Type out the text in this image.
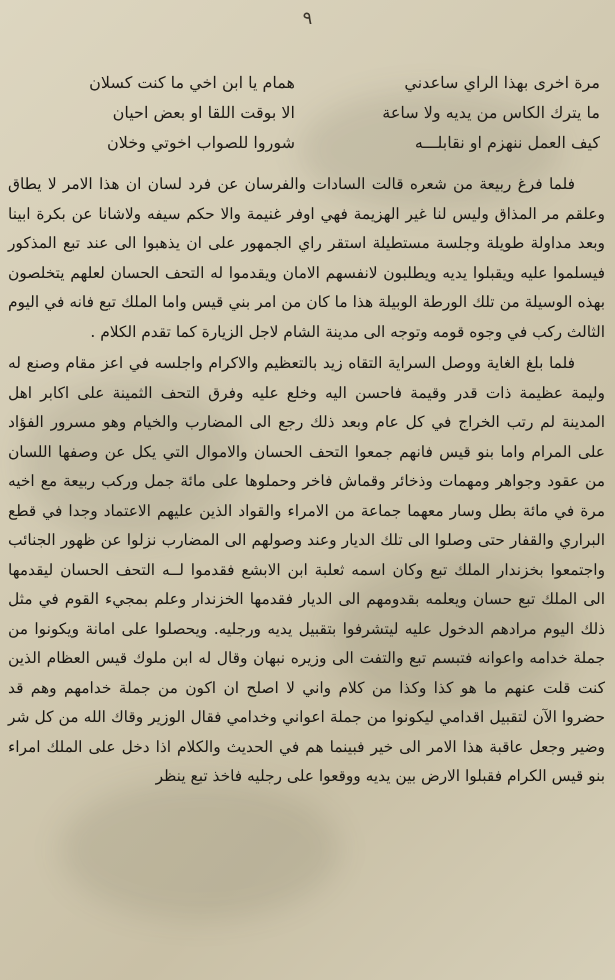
٩
مرة اخرى بهذا الراي ساعدني
ما يترك الكاس من يديه ولا ساعة
كيف العمل ننهزم او نقابلـــه
همام يا ابن اخي ما كنت كسلان
الا بوقت اللقا او بعض احيان
شوروا للصواب اخوتي وخلان

فلما فرغ ربيعة من شعره قالت السادات والفرسان عن فرد لسان ان هذا الامر لا يطاق وعلقم مر المذاق وليس لنا غير الهزيمة فهي اوفر غنيمة والا حكم سيفه ولاشانا عن بكرة ابينا وبعد مداولة طويلة وجلسة مستطيلة استقر راي الجمهور على ان يذهبوا الى عند تبع المذكور فيسلموا عليه ويقبلوا يديه ويطلبون لانفسهم الامان ويقدموا له التحف الحسان لعلهم يتخلصون بهذه الوسيلة من تلك الورطة الوبيلة هذا ما كان من امر بني قيس واما الملك تبع فانه في اليوم الثالث ركب في وجوه قومه وتوجه الى مدينة الشام لاجل الزيارة كما تقدم الكلام .

فلما بلغ الغاية ووصل السراية التقاه زيد بالتعظيم والاكرام واجلسه في اعز مقام وصنع له وليمة عظيمة ذات قدر وقيمة فاحسن اليه وخلع عليه وفرق التحف الثمينة على اكابر اهل المدينة لم رتب الخراج في كل عام وبعد ذلك رجع الى المضارب والخيام وهو مسرور الفؤاد على المرام واما بنو قيس فانهم جمعوا التحف الحسان والاموال التي يكل عن وصفها اللسان من عقود وجواهر ومهمات وذخائر وقماش فاخر وحملوها على مائة جمل وركب ربيعة مع اخيه مرة في مائة بطل وسار معهما جماعة من الامراء والقواد الذين عليهم الاعتماد وجدا في قطع البراري والقفار حتى وصلوا الى تلك الديار وعند وصولهم الى المضارب نزلوا عن ظهور الجنائب واجتمعوا بخزندار الملك تبع وكان اسمه ثعلبة ابن الابشع فقدموا لــه التحف الحسان ليقدمها الى الملك تبع حسان ويعلمه بقدومهم الى الديار فقدمها الخزندار وعلم بمجيء القوم في مثل ذلك اليوم مرادهم الدخول عليه ليتشرفوا بتقبيل يديه ورجليه. ويحصلوا على امانة ويكونوا من جملة خدامه واعوانه فتبسم تبع والتفت الى وزيره نبهان وقال له ابن ملوك قيس العظام الذين كنت قلت عنهم ما هو كذا وكذا من كلام واني لا اصلح ان اكون من جملة خدامهم وهم قد حضروا الآن لتقبيل اقدامي ليكونوا من جملة اعواني وخدامي فقال الوزير وقاك الله من كل شر وضير وجعل عاقبة هذا الامر الى خير فبينما هم في الحديث والكلام اذا دخل على الملك امراء بنو قيس الكرام فقبلوا الارض بين يديه ووقعوا على رجليه فاخذ تبع ينظر
